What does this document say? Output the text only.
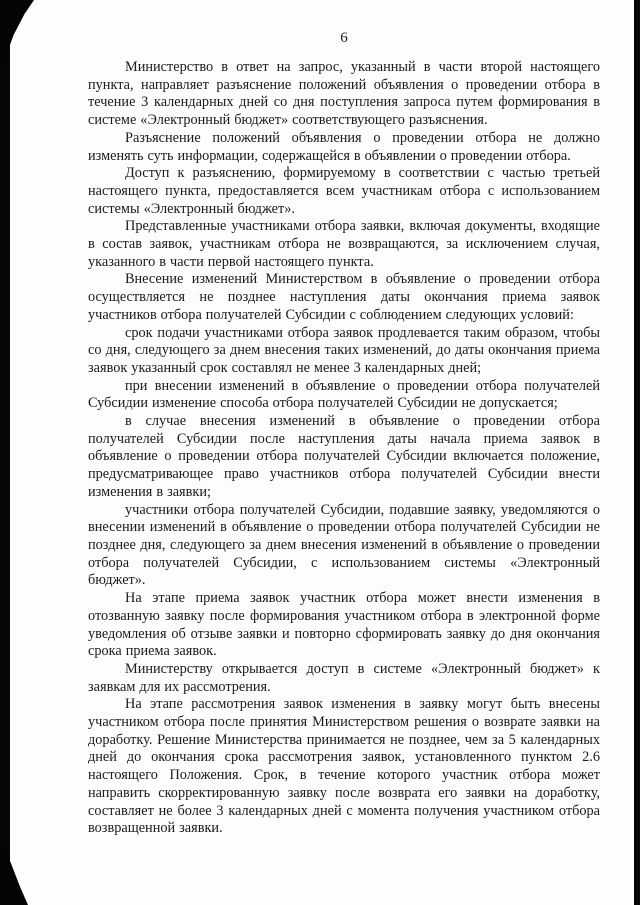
6

Министерство в ответ на запрос, указанный в части второй настоящего пункта, направляет разъяснение положений объявления о проведении отбора в течение 3 календарных дней со дня поступления запроса путем формирования в системе «Электронный бюджет» соответствующего разъяснения.

Разъяснение положений объявления о проведении отбора не должно изменять суть информации, содержащейся в объявлении о проведении отбора.

Доступ к разъяснению, формируемому в соответствии с частью третьей настоящего пункта, предоставляется всем участникам отбора с использованием системы «Электронный бюджет».

Представленные участниками отбора заявки, включая документы, входящие в состав заявок, участникам отбора не возвращаются, за исключением случая, указанного в части первой настоящего пункта.

Внесение изменений Министерством в объявление о проведении отбора осуществляется не позднее наступления даты окончания приема заявок участников отбора получателей Субсидии с соблюдением следующих условий:

срок подачи участниками отбора заявок продлевается таким образом, чтобы со дня, следующего за днем внесения таких изменений, до даты окончания приема заявок указанный срок составлял не менее 3 календарных дней;

при внесении изменений в объявление о проведении отбора получателей Субсидии изменение способа отбора получателей Субсидии не допускается;

в случае внесения изменений в объявление о проведении отбора получателей Субсидии после наступления даты начала приема заявок в объявление о проведении отбора получателей Субсидии включается положение, предусматривающее право участников отбора получателей Субсидии внести изменения в заявки;

участники отбора получателей Субсидии, подавшие заявку, уведомляются о внесении изменений в объявление о проведении отбора получателей Субсидии не позднее дня, следующего за днем внесения изменений в объявление о проведении отбора получателей Субсидии, с использованием системы «Электронный бюджет».

На этапе приема заявок участник отбора может внести изменения в отозванную заявку после формирования участником отбора в электронной форме уведомления об отзыве заявки и повторно сформировать заявку до дня окончания срока приема заявок.

Министерству открывается доступ в системе «Электронный бюджет» к заявкам для их рассмотрения.

На этапе рассмотрения заявок изменения в заявку могут быть внесены участником отбора после принятия Министерством решения о возврате заявки на доработку. Решение Министерства принимается не позднее, чем за 5 календарных дней до окончания срока рассмотрения заявок, установленного пунктом 2.6 настоящего Положения. Срок, в течение которого участник отбора может направить скорректированную заявку после возврата его заявки на доработку, составляет не более 3 календарных дней с момента получения участником отбора возвращенной заявки.
